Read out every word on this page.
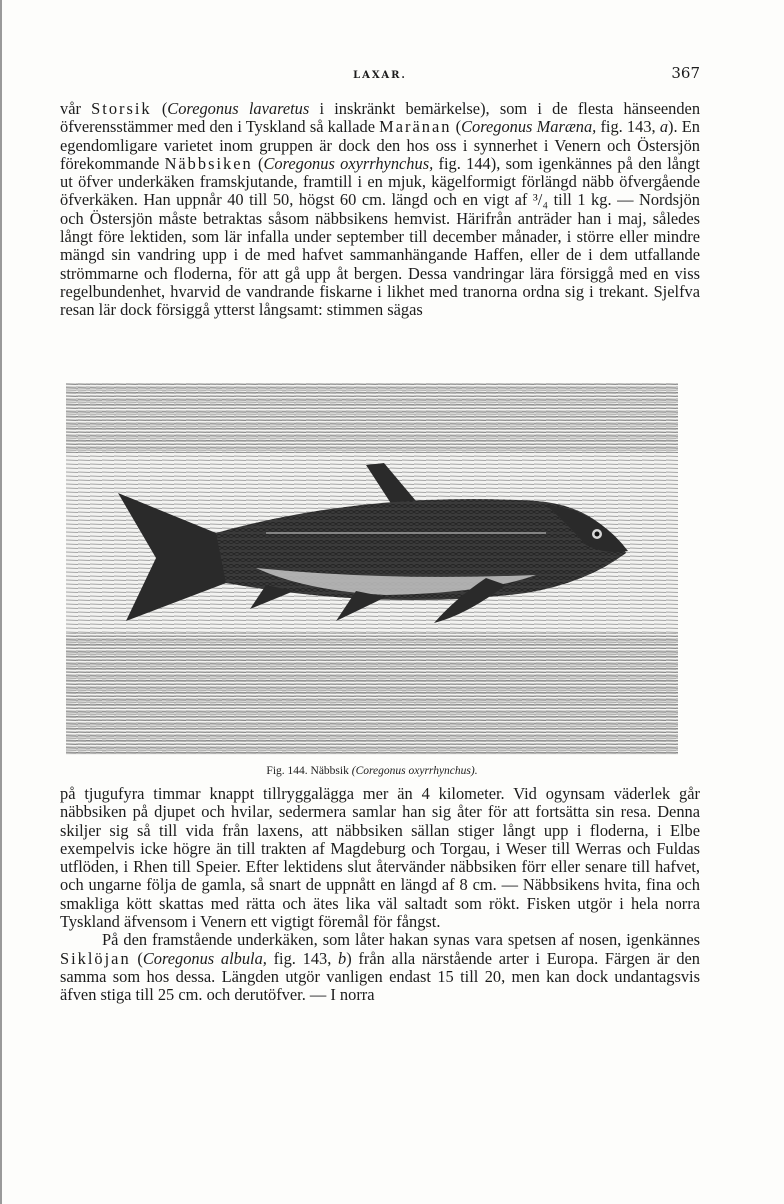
LAXAR.	367

vår Storsik (Coregonus lavaretus i inskränkt bemärkelse), som i de flesta hänseenden öfverensstämmer med den i Tyskland så kallade Maränan (Coregonus Maræna, fig. 143, a). En egendomligare varietet inom gruppen är dock den hos oss i synnerhet i Venern och Östersjön förekommande Näbbsiken (Coregonus oxyrrhynchus, fig. 144), som igenkännes på den långt ut öfver underkäken framskjutande, framtill i en mjuk, kägelformigt förlängd näbb öfvergående öfverkäken. Han uppnår 40 till 50, högst 60 cm. längd och en vigt af ³/₄ till 1 kg. — Nordsjön och Östersjön måste betraktas såsom näbbsikens hemvist. Härifrån anträder han i maj, således långt före lektiden, som lär infalla under september till december månader, i större eller mindre mängd sin vandring upp i de med hafvet sammanhängande Haffen, eller de i dem utfallande strömmarne och floderna, för att gå upp åt bergen. Dessa vandringar lära försiggå med en viss regelbundenhet, hvarvid de vandrande fiskarne i likhet med tranorna ordna sig i trekant. Sjelfva resan lär dock försiggå ytterst långsamt: stimmen sägas

Fig. 144. Näbbsik (Coregonus oxyrrhynchus).

på tjugufyra timmar knappt tillryggalägga mer än 4 kilometer. Vid ogynsam väderlek går näbbsiken på djupet och hvilar, sedermera samlar han sig åter för att fortsätta sin resa. Denna skiljer sig så till vida från laxens, att näbbsiken sällan stiger långt upp i floderna, i Elbe exempelvis icke högre än till trakten af Magdeburg och Torgau, i Weser till Werras och Fuldas utflöden, i Rhen till Speier. Efter lektidens slut återvänder näbbsiken förr eller senare till hafvet, och ungarne följa de gamla, så snart de uppnått en längd af 8 cm. — Näbbsikens hvita, fina och smakliga kött skattas med rätta och ätes lika väl saltadt som rökt. Fisken utgör i hela norra Tyskland äfvensom i Venern ett vigtigt föremål för fångst.

På den framstående underkäken, som låter hakan synas vara spetsen af nosen, igenkännes Siklöjan (Coregonus albula, fig. 143, b) från alla närstående arter i Europa. Färgen är den samma som hos dessa. Längden utgör vanligen endast 15 till 20, men kan dock undantagsvis äfven stiga till 25 cm. och derutöfver. — I norra
